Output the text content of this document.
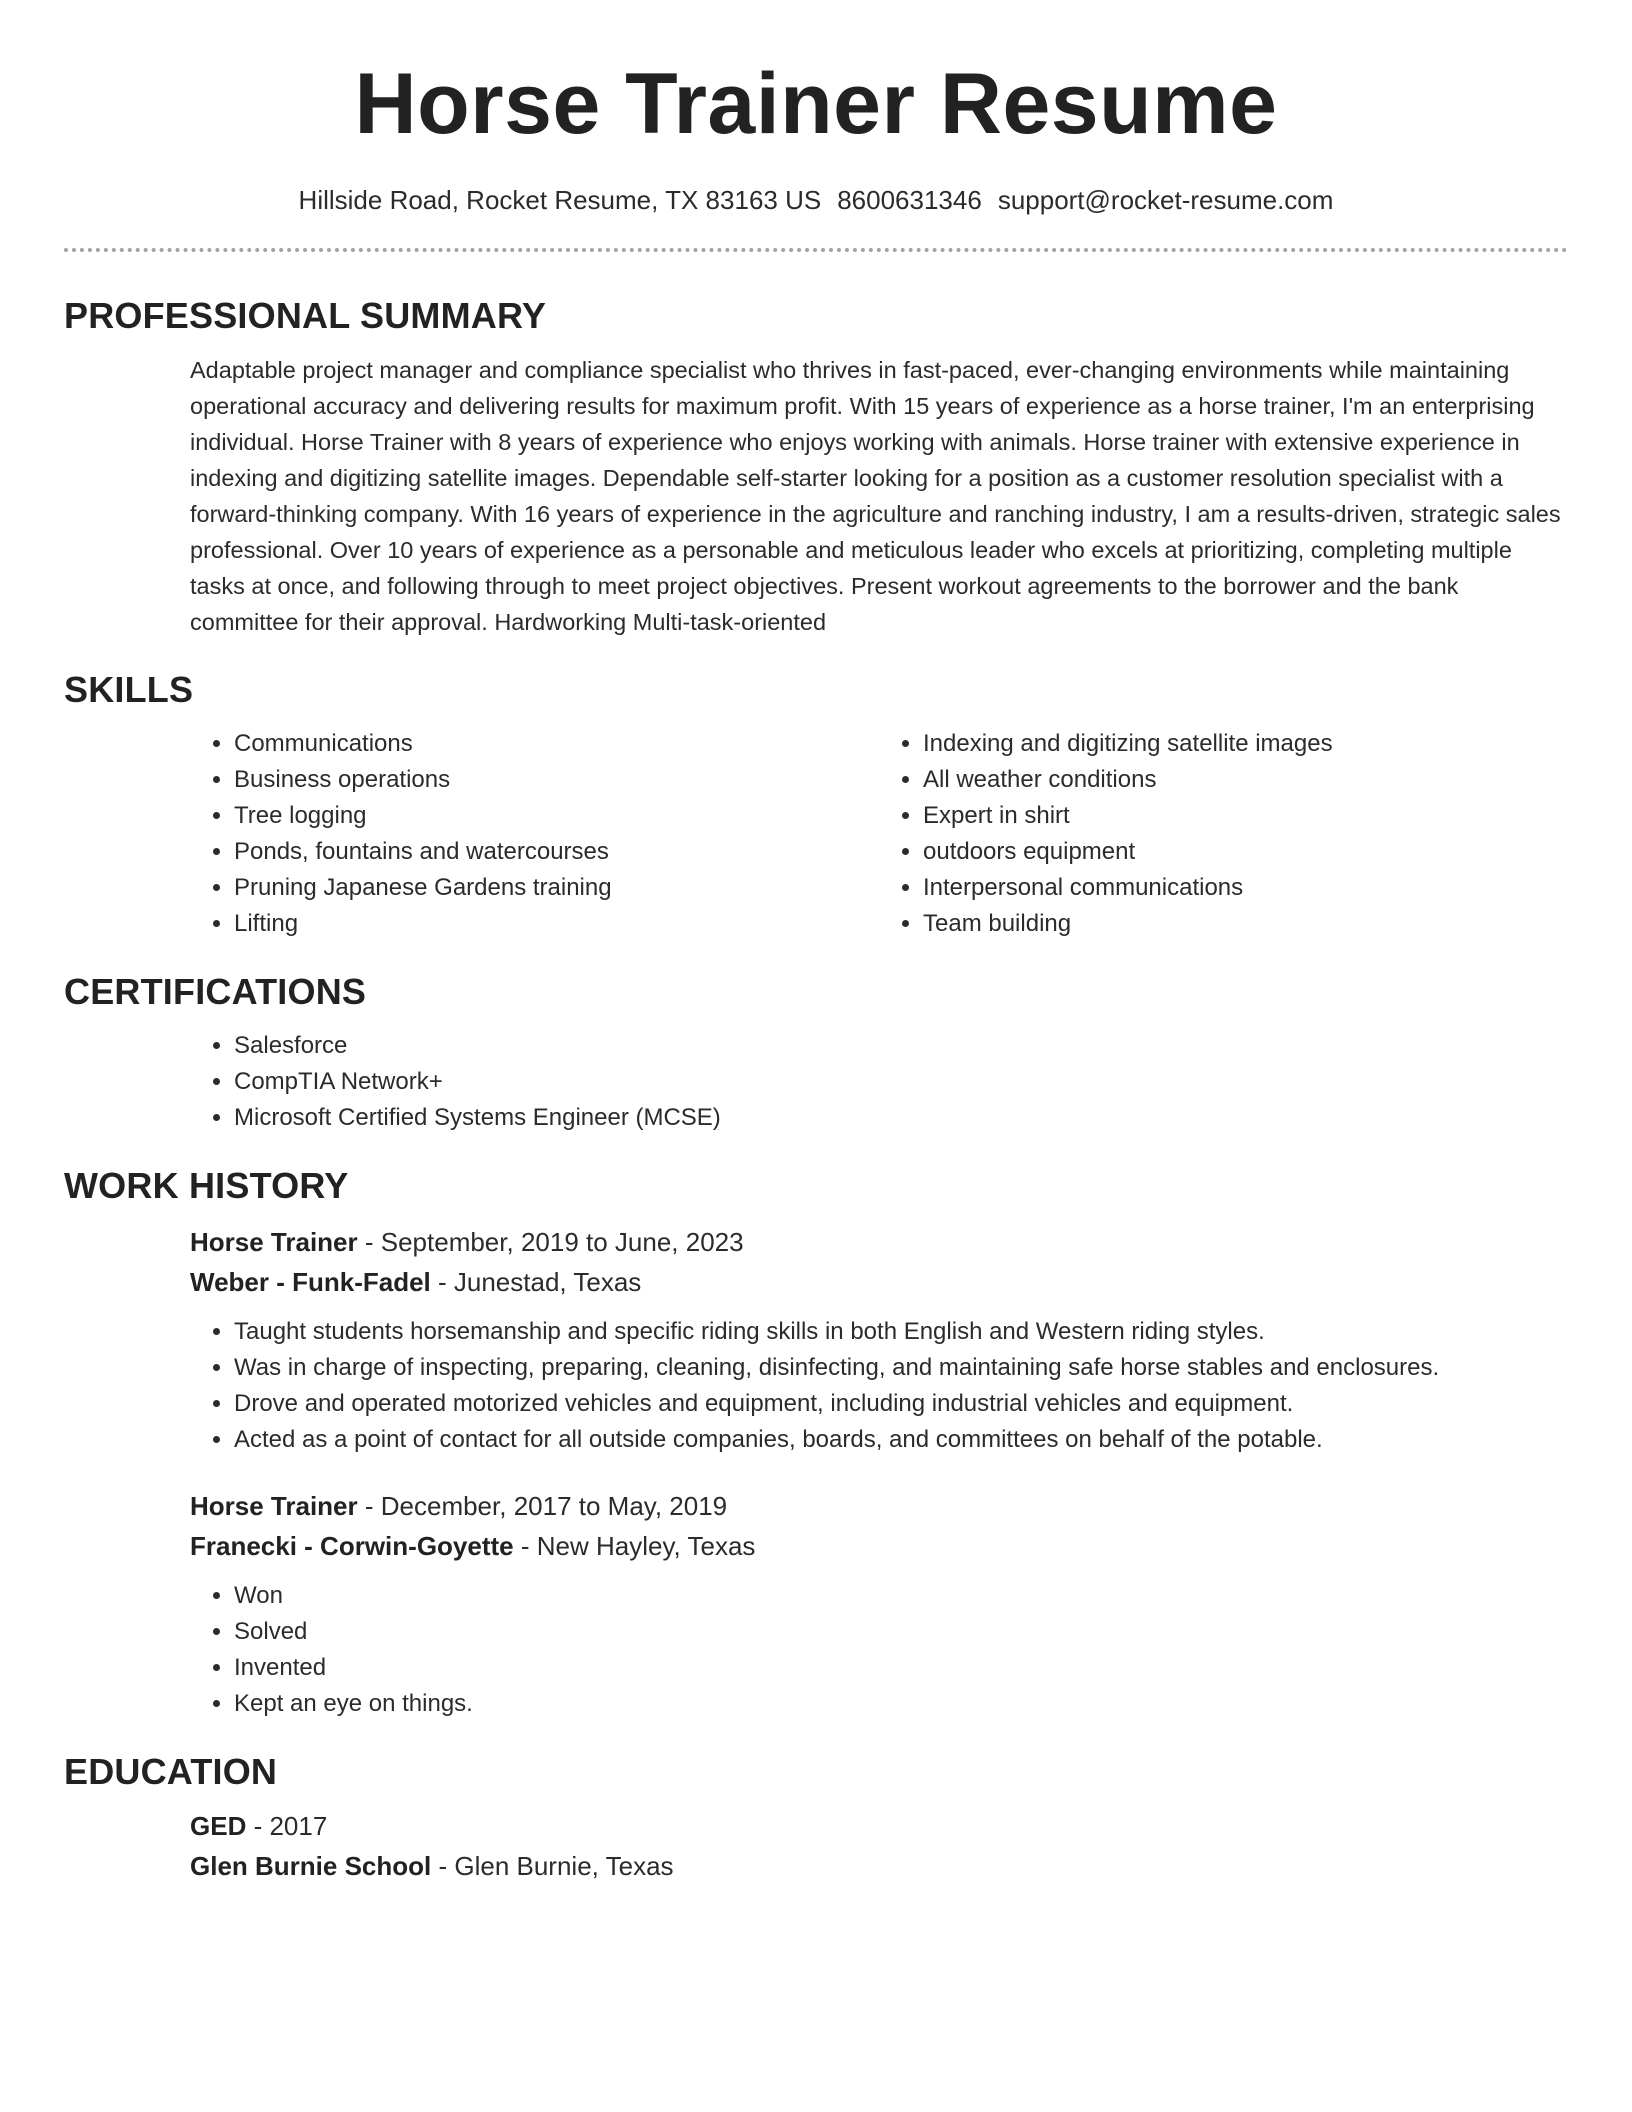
Horse Trainer Resume
Hillside Road, Rocket Resume, TX 83163 US 8600631346 support@rocket-resume.com
PROFESSIONAL SUMMARY

Adaptable project manager and compliance specialist who thrives in fast-paced, ever-changing environments while maintaining operational accuracy and delivering results for maximum profit. With 15 years of experience as a horse trainer, I'm an enterprising individual. Horse Trainer with 8 years of experience who enjoys working with animals. Horse trainer with extensive experience in indexing and digitizing satellite images. Dependable self-starter looking for a position as a customer resolution specialist with a forward-thinking company. With 16 years of experience in the agriculture and ranching industry, I am a results-driven, strategic sales professional. Over 10 years of experience as a personable and meticulous leader who excels at prioritizing, completing multiple tasks at once, and following through to meet project objectives. Present workout agreements to the borrower and the bank committee for their approval. Hardworking Multi-task-oriented

SKILLS
• Communications
• Business operations
• Tree logging
• Ponds, fountains and watercourses
• Pruning Japanese Gardens training
• Lifting
• Indexing and digitizing satellite images
• All weather conditions
• Expert in shirt
• outdoors equipment
• Interpersonal communications
• Team building
CERTIFICATIONS
• Salesforce
• CompTIA Network+
• Microsoft Certified Systems Engineer (MCSE)
WORK HISTORY
Horse Trainer - September, 2019 to June, 2023
Weber - Funk-Fadel - Junestad, Texas
• Taught students horsemanship and specific riding skills in both English and Western riding styles.
• Was in charge of inspecting, preparing, cleaning, disinfecting, and maintaining safe horse stables and enclosures.
• Drove and operated motorized vehicles and equipment, including industrial vehicles and equipment.
• Acted as a point of contact for all outside companies, boards, and committees on behalf of the potable.
Horse Trainer - December, 2017 to May, 2019
Franecki - Corwin-Goyette - New Hayley, Texas
• Won
• Solved
• Invented
• Kept an eye on things.
EDUCATION
GED - 2017
Glen Burnie School - Glen Burnie, Texas
